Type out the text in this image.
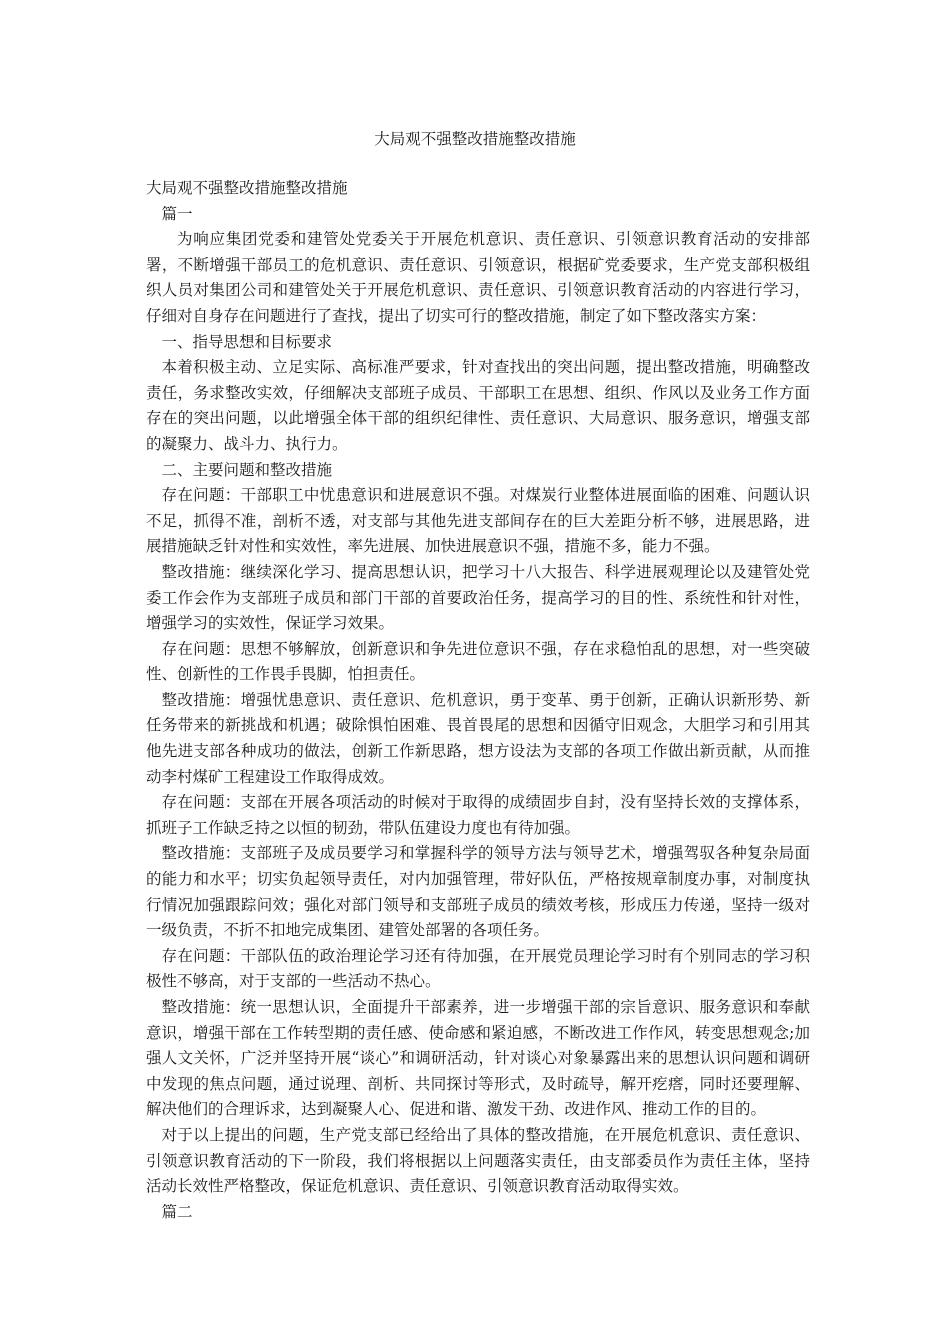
大局观不强整改措施整改措施

大局观不强整改措施整改措施

篇一

为响应集团党委和建管处党委关于开展危机意识、责任意识、引领意识教育活动的安排部署，不断增强干部员工的危机意识、责任意识、引领意识，根据矿党委要求，生产党支部积极组织人员对集团公司和建管处关于开展危机意识、责任意识、引领意识教育活动的内容进行学习，仔细对自身存在问题进行了查找，提出了切实可行的整改措施，制定了如下整改落实方案：

一、指导思想和目标要求

本着积极主动、立足实际、高标准严要求，针对查找出的突出问题，提出整改措施，明确整改责任，务求整改实效，仔细解决支部班子成员、干部职工在思想、组织、作风以及业务工作方面存在的突出问题，以此增强全体干部的组织纪律性、责任意识、大局意识、服务意识，增强支部的凝聚力、战斗力、执行力。

二、主要问题和整改措施

存在问题：干部职工中忧患意识和进展意识不强。对煤炭行业整体进展面临的困难、问题认识不足，抓得不准，剖析不透，对支部与其他先进支部间存在的巨大差距分析不够，进展思路，进展措施缺乏针对性和实效性，率先进展、加快进展意识不强，措施不多，能力不强。

整改措施：继续深化学习、提高思想认识，把学习十八大报告、科学进展观理论以及建管处党委工作会作为支部班子成员和部门干部的首要政治任务，提高学习的目的性、系统性和针对性，增强学习的实效性，保证学习效果。

存在问题：思想不够解放，创新意识和争先进位意识不强，存在求稳怕乱的思想，对一些突破性、创新性的工作畏手畏脚，怕担责任。

整改措施：增强忧患意识、责任意识、危机意识，勇于变革、勇于创新，正确认识新形势、新任务带来的新挑战和机遇；破除惧怕困难、畏首畏尾的思想和因循守旧观念，大胆学习和引用其他先进支部各种成功的做法，创新工作新思路，想方设法为支部的各项工作做出新贡献，从而推动李村煤矿工程建设工作取得成效。

存在问题：支部在开展各项活动的时候对于取得的成绩固步自封，没有坚持长效的支撑体系，抓班子工作缺乏持之以恒的韧劲，带队伍建设力度也有待加强。

整改措施：支部班子及成员要学习和掌握科学的领导方法与领导艺术，增强驾驭各种复杂局面的能力和水平；切实负起领导责任，对内加强管理，带好队伍，严格按规章制度办事，对制度执行情况加强跟踪问效；强化对部门领导和支部班子成员的绩效考核，形成压力传递，坚持一级对一级负责，不折不扣地完成集团、建管处部署的各项任务。

存在问题：干部队伍的政治理论学习还有待加强，在开展党员理论学习时有个别同志的学习积极性不够高，对于支部的一些活动不热心。

整改措施：统一思想认识，全面提升干部素养，进一步增强干部的宗旨意识、服务意识和奉献意识，增强干部在工作转型期的责任感、使命感和紧迫感，不断改进工作作风，转变思想观念;加强人文关怀，广泛并坚持开展“谈心”和调研活动，针对谈心对象暴露出来的思想认识问题和调研中发现的焦点问题，通过说理、剖析、共同探讨等形式，及时疏导，解开疙瘩，同时还要理解、解决他们的合理诉求，达到凝聚人心、促进和谐、激发干劲、改进作风、推动工作的目的。

对于以上提出的问题，生产党支部已经给出了具体的整改措施，在开展危机意识、责任意识、引领意识教育活动的下一阶段，我们将根据以上问题落实责任，由支部委员作为责任主体，坚持活动长效性严格整改，保证危机意识、责任意识、引领意识教育活动取得实效。

篇二
